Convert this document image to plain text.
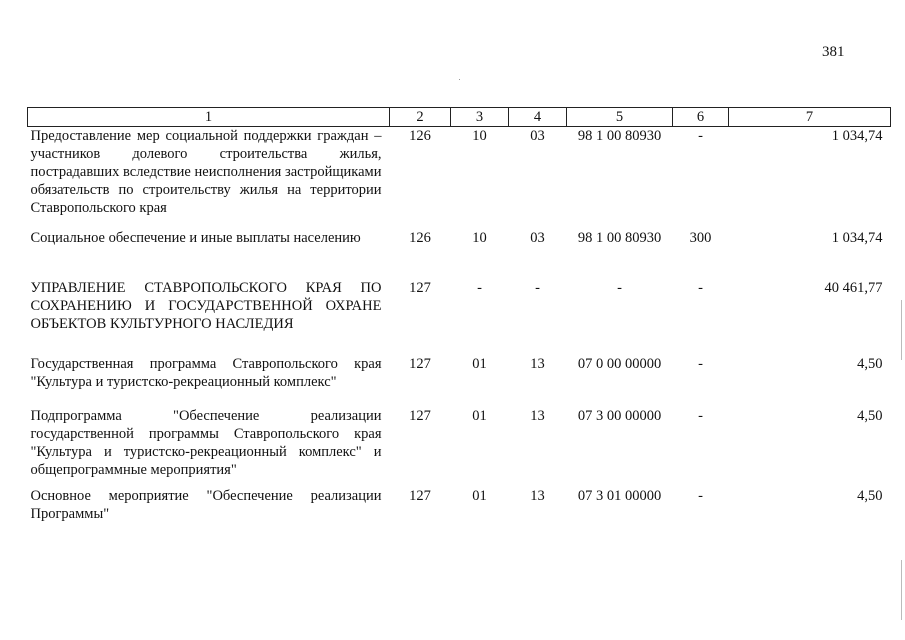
381
1	2	3	4	5	6	7
Предоставление мер социальной поддержки граждан – участников долевого строительства жилья, пострадавших вследствие неисполнения застройщиками обязательств по строительству жилья на территории Ставропольского края	126	10	03	98 1 00 80930	-	1 034,74
Социальное обеспечение и иные выплаты населению	126	10	03	98 1 00 80930	300	1 034,74
УПРАВЛЕНИЕ СТАВРОПОЛЬСКОГО КРАЯ ПО СОХРАНЕНИЮ И ГОСУДАРСТВЕННОЙ ОХРАНЕ ОБЪЕКТОВ КУЛЬТУРНОГО НАСЛЕДИЯ	127	-	-	-	-	40 461,77
Государственная программа Ставропольского края "Культура и туристско-рекреационный комплекс"	127	01	13	07 0 00 00000	-	4,50
Подпрограмма "Обеспечение реализации государственной программы Ставропольского края "Культура и туристско-рекреационный комплекс" и общепрограммные мероприятия"	127	01	13	07 3 00 00000	-	4,50
Основное мероприятие "Обеспечение реализации Программы"	127	01	13	07 3 01 00000	-	4,50
